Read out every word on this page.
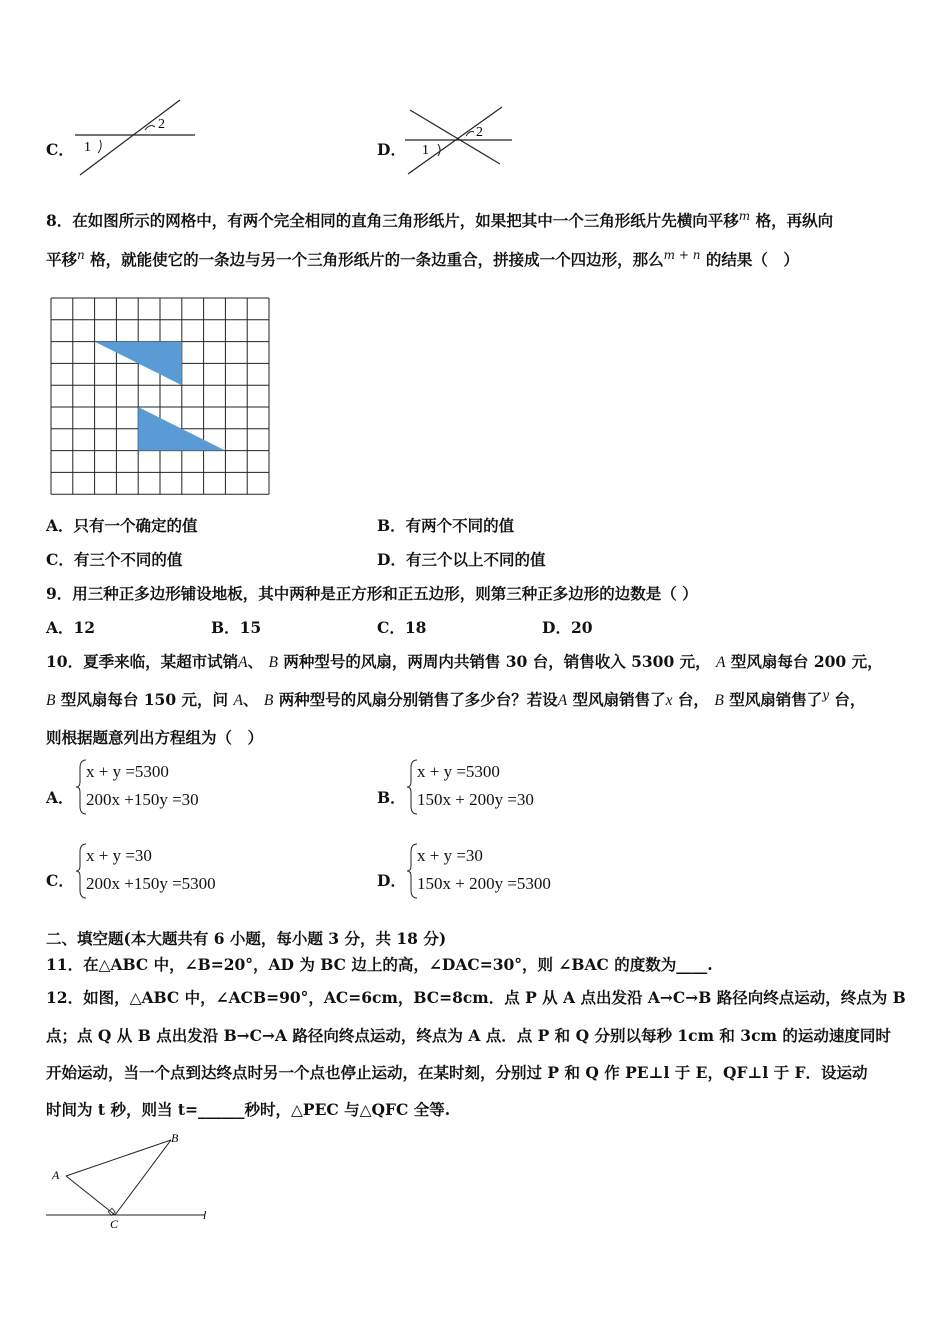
C． 1
2
D． 1
2
8．在如图所示的网格中，有两个完全相同的直角三角形纸片，如果把其中一个三角形纸片先横向平移$^m$ 格，再纵向
平移$^n$ 格，就能使它的一条边与另一个三角形纸片的一条边重合，拼接成一个四边形，那么$^{m + n}$ 的结果（　）
A．只有一个确定的值	B．有两个不同的值
C．有三个不同的值	D．有三个以上不同的值
9．用三种正多边形铺设地板，其中两种是正方形和正五边形，则第三种正多边形的边数是（ ）
A．12	B．15	C．18	D．20
10．夏季来临，某超市试销A、 B 两种型号的风扇，两周内共销售 30 台，销售收入 5300 元， A 型风扇每台 200 元，
B 型风扇每台 150 元，问 A、 B 两种型号的风扇分别销售了多少台？若设A 型风扇销售了x 台， B 型风扇销售了$^y$ 台，
则根据题意列出方程组为（　）
A．
x + y =5300
200x +150y =30	B．
x + y =5300
150x + 200y =30
C．
x + y =30
200x +150y =5300	D．
x + y =30
150x + 200y =5300
二、填空题(本大题共有 6 小题，每小题 3 分，共 18 分)
11．在△ABC 中，∠B=20°，AD 为 BC 边上的高，∠DAC=30°，则 ∠BAC 的度数为____.
12．如图，△ABC 中，∠ACB=90°，AC=6cm，BC=8cm．点 P 从 A 点出发沿 A→C→B 路径向终点运动，终点为 B
点；点 Q 从 B 点出发沿 B→C→A 路径向终点运动，终点为 A 点．点 P 和 Q 分别以每秒 1cm 和 3cm 的运动速度同时
开始运动，当一个点到达终点时另一个点也停止运动，在某时刻，分别过 P 和 Q 作 PE⊥l 于 E，QF⊥l 于 F．设运动
时间为 t 秒，则当 t=______秒时，△PEC 与△QFC 全等.
A
B
C
l
